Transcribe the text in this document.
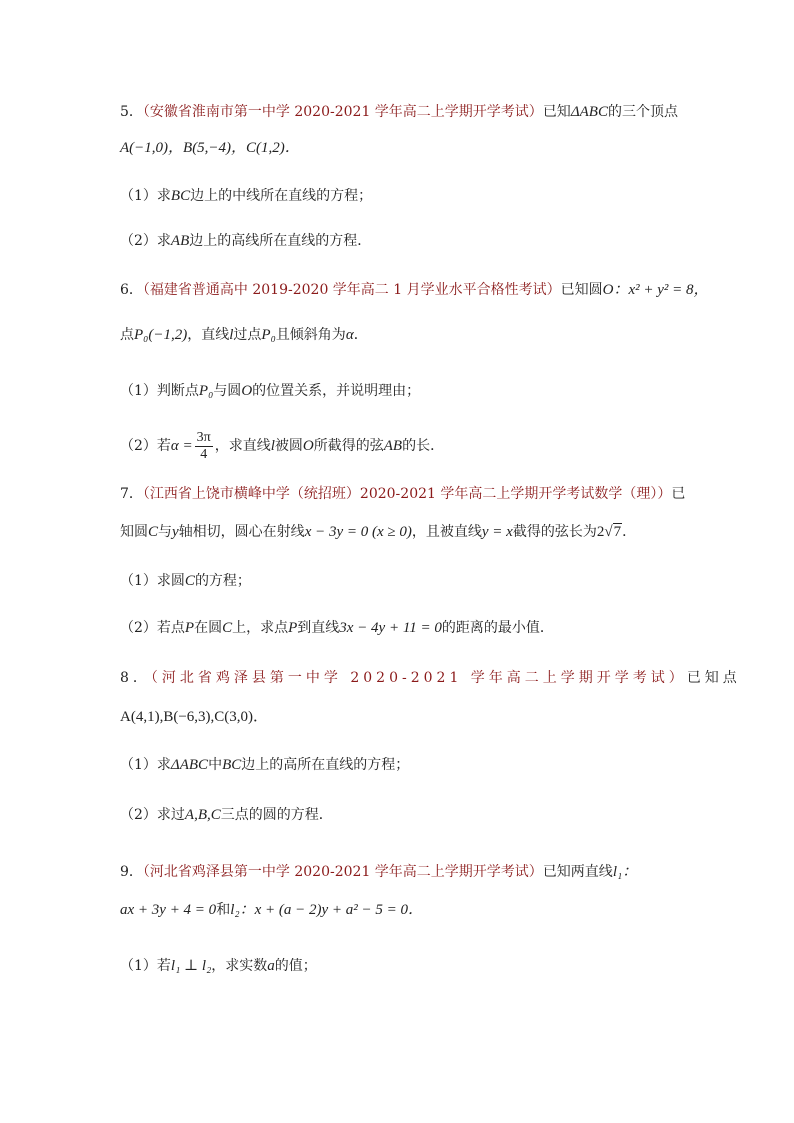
5．（安徽省淮南市第一中学 2020-2021 学年高二上学期开学考试）已知ΔABC的三个顶点
A(−1,0)，B(5,−4)，C(1,2)．
（1）求BC边上的中线所在直线的方程；
（2）求AB边上的高线所在直线的方程．
6．（福建省普通高中 2019-2020 学年高二 1 月学业水平合格性考试）已知圆O：x² + y² = 8，
点P₀(−1,2)，直线l过点P₀且倾斜角为α．
（1）判断点P₀与圆O的位置关系，并说明理由；
（2）若$\alpha = \frac{3\pi}{4}$ ，求直线l被圆O所截得的弦AB的长．
7．（江西省上饶市横峰中学（统招班）2020-2021 学年高二上学期开学考试数学（理））已
知圆C与y轴相切，圆心在射线x − 3y = 0 (x ≥ 0)，且被直线y = x截得的弦长为2√7．
（1）求圆C的方程；
（2）若点P在圆C上，求点P到直线3x − 4y + 11 = 0的距离的最小值．
8．（河北省鸡泽县第一中学 2020-2021 学年高二上学期开学考试）已知点
A(4,1),B(−6,3),C(3,0)．
（1）求ΔABC中BC边上的高所在直线的方程；
（2）求过A,B,C三点的圆的方程．
9．（河北省鸡泽县第一中学 2020-2021 学年高二上学期开学考试）已知两直线l₁：
ax + 3y + 4 = 0和l₂：x + (a − 2)y + a² − 5 = 0．
（1）若l₁ ⊥ l₂，求实数a的值；
